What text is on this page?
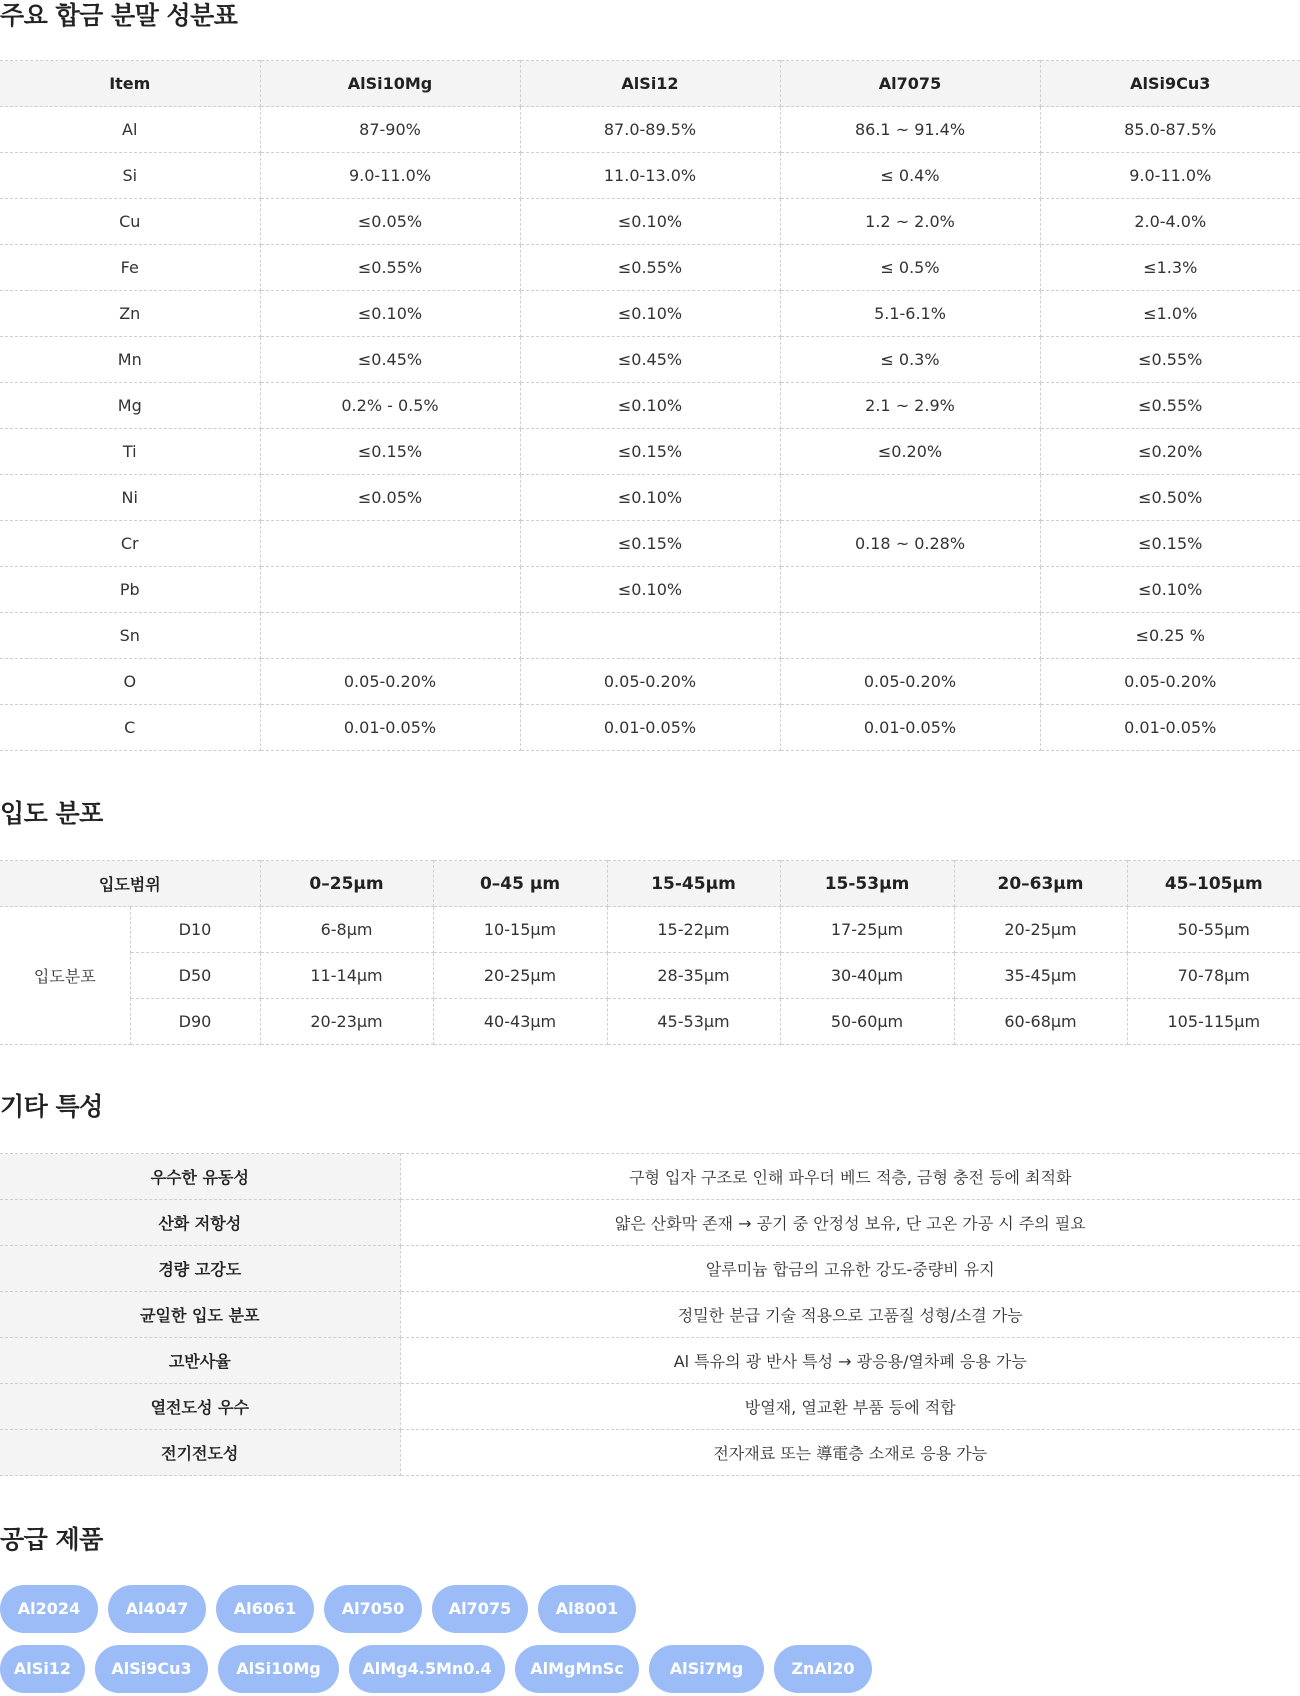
주요 합금 분말 성분표
Item	AlSi10Mg	AlSi12	Al7075	AlSi9Cu3
Al	87-90%	87.0-89.5%	86.1 ~ 91.4%	85.0-87.5%
Si	9.0-11.0%	11.0-13.0%	≤ 0.4%	9.0-11.0%
Cu	≤0.05%	≤0.10%	1.2 ~ 2.0%	2.0-4.0%
Fe	≤0.55%	≤0.55%	≤ 0.5%	≤1.3%
Zn	≤0.10%	≤0.10%	5.1-6.1%	≤1.0%
Mn	≤0.45%	≤0.45%	≤ 0.3%	≤0.55%
Mg	0.2% - 0.5%	≤0.10%	2.1 ~ 2.9%	≤0.55%
Ti	≤0.15%	≤0.15%	≤0.20%	≤0.20%
Ni	≤0.05%	≤0.10%		≤0.50%
Cr		≤0.15%	0.18 ~ 0.28%	≤0.15%
Pb		≤0.10%		≤0.10%
Sn				≤0.25 %
O	0.05-0.20%	0.05-0.20%	0.05-0.20%	0.05-0.20%
C	0.01-0.05%	0.01-0.05%	0.01-0.05%	0.01-0.05%
입도 분포
입도범위		0–25μm	0–45 μm	15-45μm	15-53μm	20–63μm	45–105μm
입도분포	D10	6-8μm	10-15μm	15-22μm	17-25μm	20-25μm	50-55μm
	D50	11-14μm	20-25μm	28-35μm	30-40μm	35-45μm	70-78μm
	D90	20-23μm	40-43μm	45-53μm	50-60μm	60-68μm	105-115μm
기타 특성
우수한 유동성	구형 입자 구조로 인해 파우더 베드 적층, 금형 충전 등에 최적화
산화 저항성	얇은 산화막 존재 → 공기 중 안정성 보유, 단 고온 가공 시 주의 필요
경량 고강도	알루미늄 합금의 고유한 강도-중량비 유지
균일한 입도 분포	정밀한 분급 기술 적용으로 고품질 성형/소결 가능
고반사율	Al 특유의 광 반사 특성 → 광응용/열차폐 응용 가능
열전도성 우수	방열재, 열교환 부품 등에 적합
전기전도성	전자재료 또는 導電층 소재로 응용 가능
공급 제품
Al2024	Al4047	Al6061	Al7050	Al7075	Al8001
AlSi12	AlSi9Cu3	AlSi10Mg	AlMg4.5Mn0.4	AlMgMnSc	AlSi7Mg	ZnAl20
